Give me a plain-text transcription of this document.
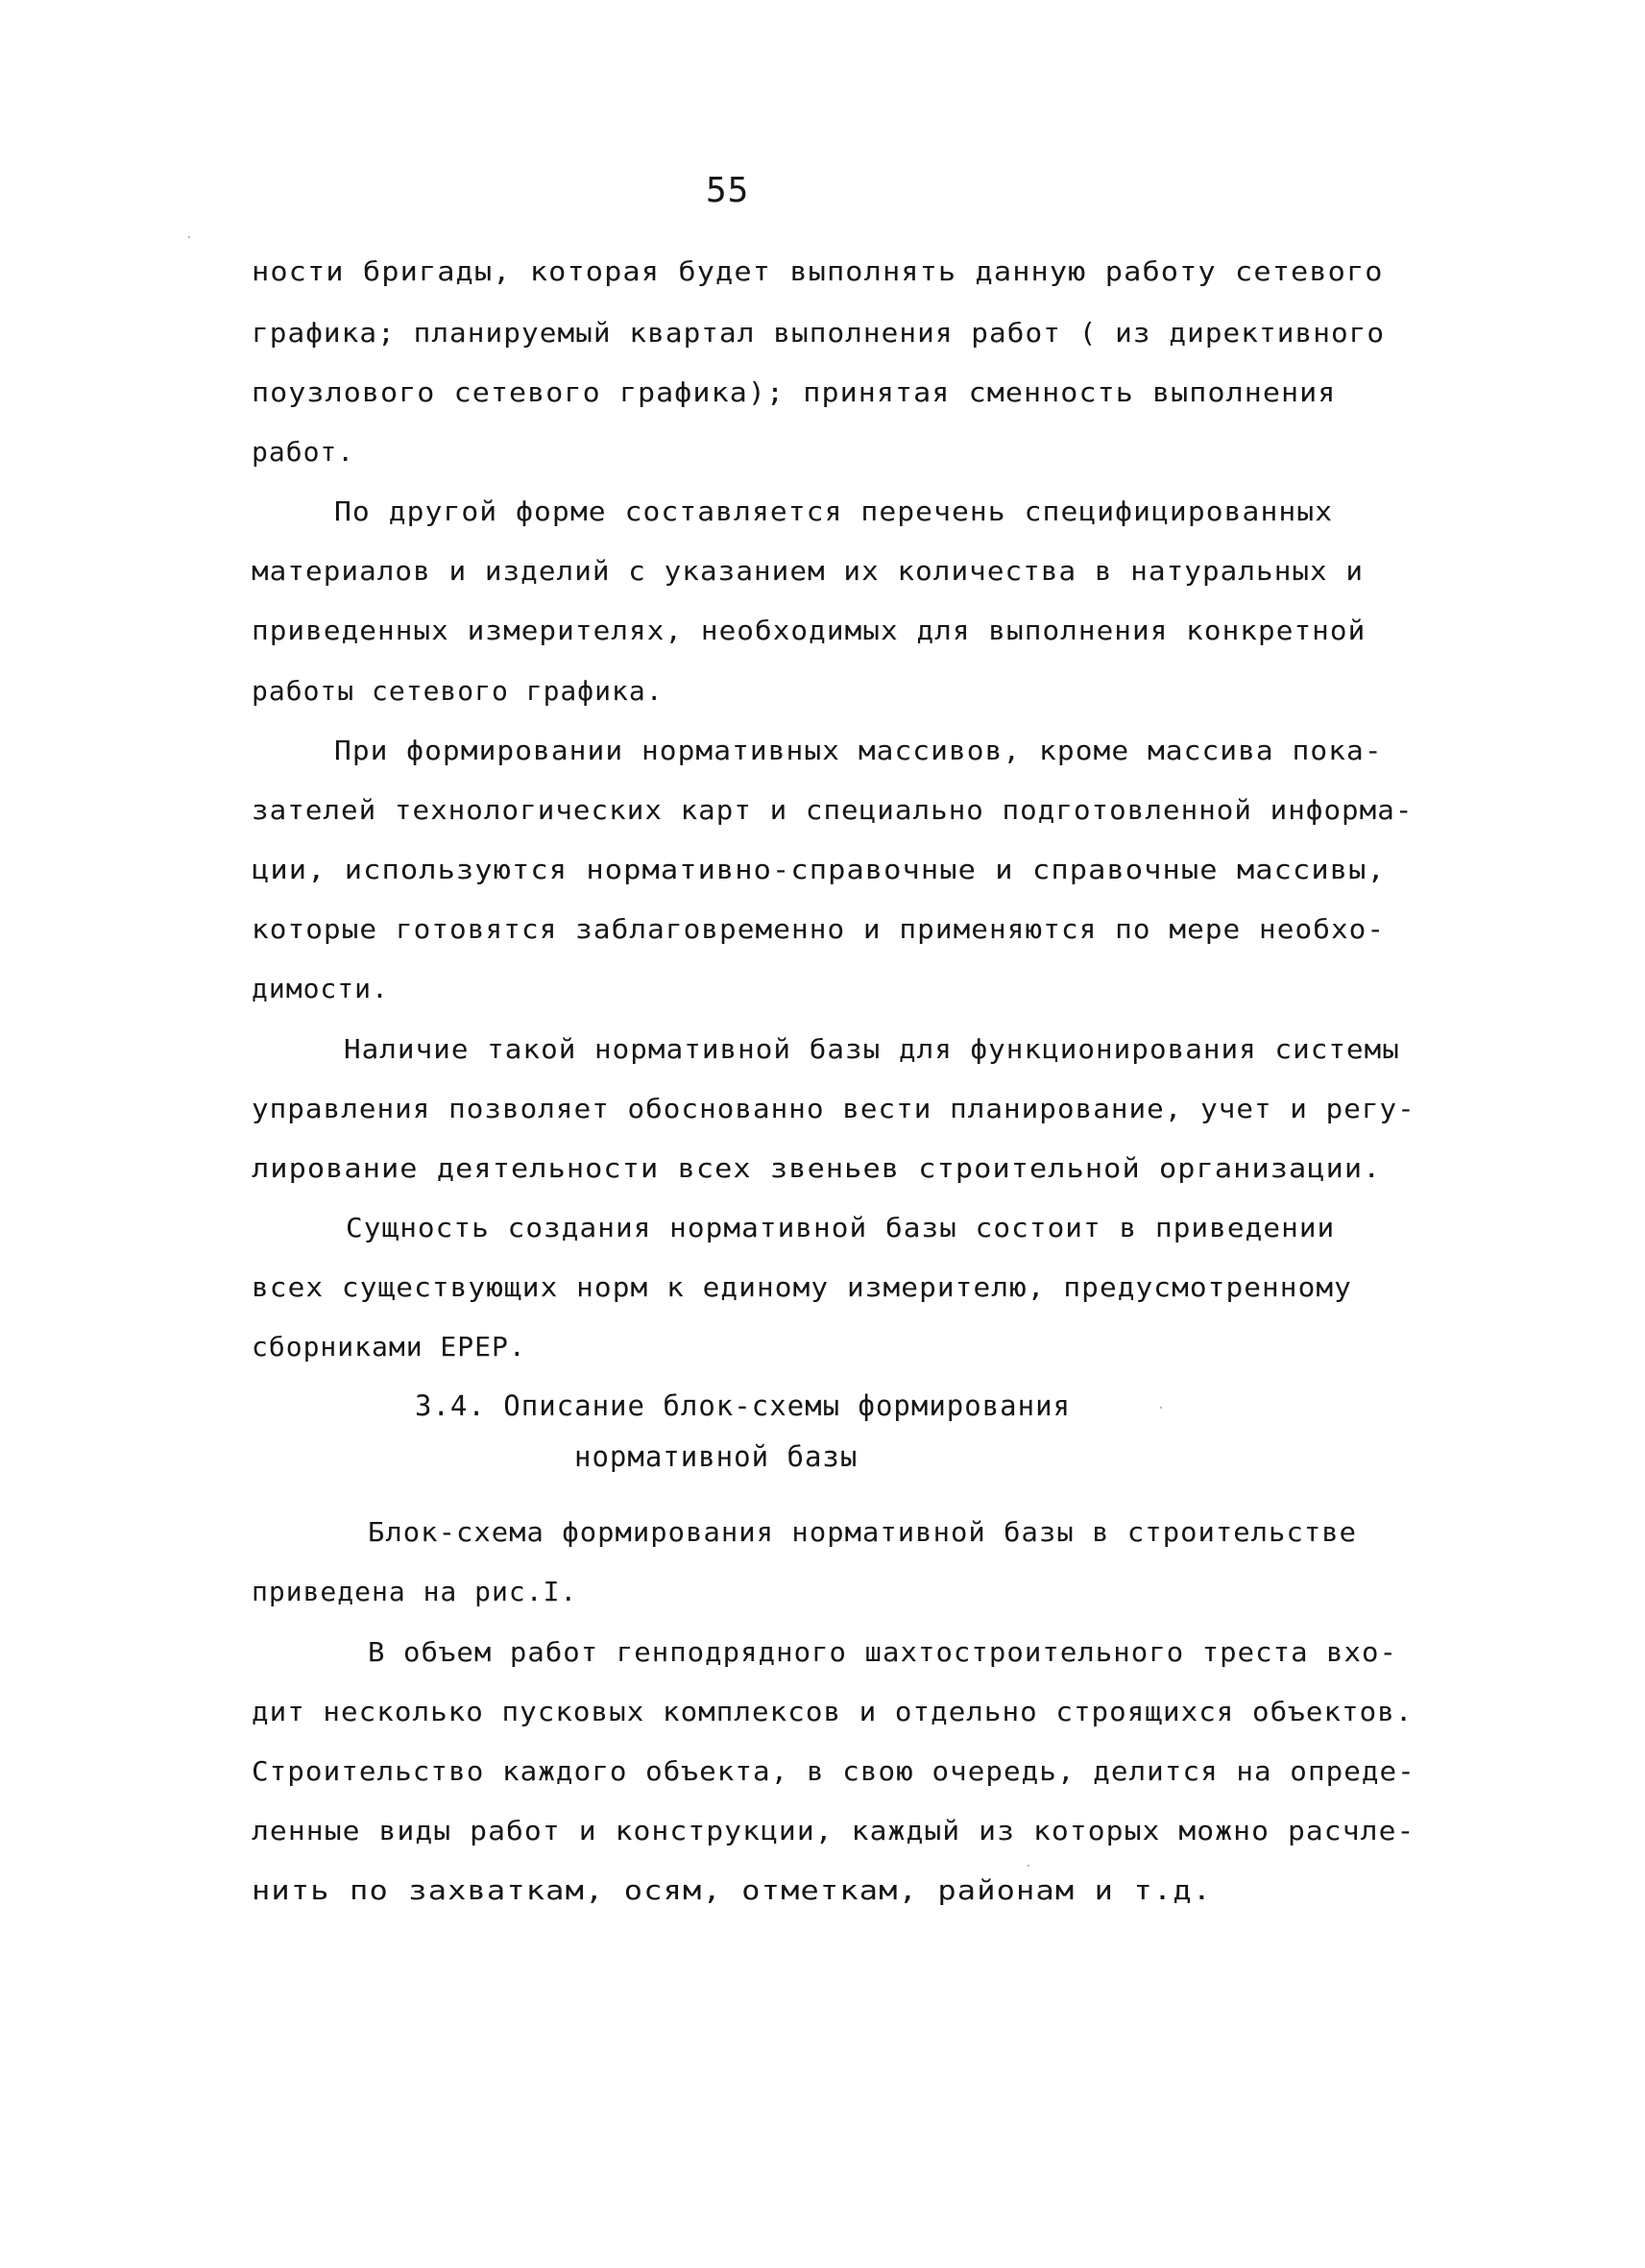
55
ности бригады, которая будет выполнять данную работу сетевого
графика; планируемый квартал выполнения работ ( из директивного
поузлового сетевого графика); принятая сменность выполнения
работ.
По другой форме составляется перечень специфицированных
материалов и изделий с указанием их количества в натуральных и
приведенных измерителях, необходимых для выполнения конкретной
работы сетевого графика.
При формировании нормативных массивов, кроме массива пока-
зателей технологических карт и специально подготовленной информа-
ции, используются нормативно-справочные и справочные массивы,
которые готовятся заблаговременно и применяются по мере необхо-
димости.
Наличие такой нормативной базы для функционирования системы
управления позволяет обоснованно вести планирование, учет и регу-
лирование деятельности всех звеньев строительной организации.
Сущность создания нормативной базы состоит в приведении
всех существующих норм к единому измерителю, предусмотренному
сборниками ЕРЕР.
3.4. Описание блок-схемы формирования
нормативной базы
Блок-схема формирования нормативной базы в строительстве
приведена на рис.I.
В объем работ генподрядного шахтостроительного треста вхо-
дит несколько пусковых комплексов и отдельно строящихся объектов.
Строительство каждого объекта, в свою очередь, делится на опреде-
ленные виды работ и конструкции, каждый из которых можно расчле-
нить по захваткам, осям, отметкам, районам и т.д.
